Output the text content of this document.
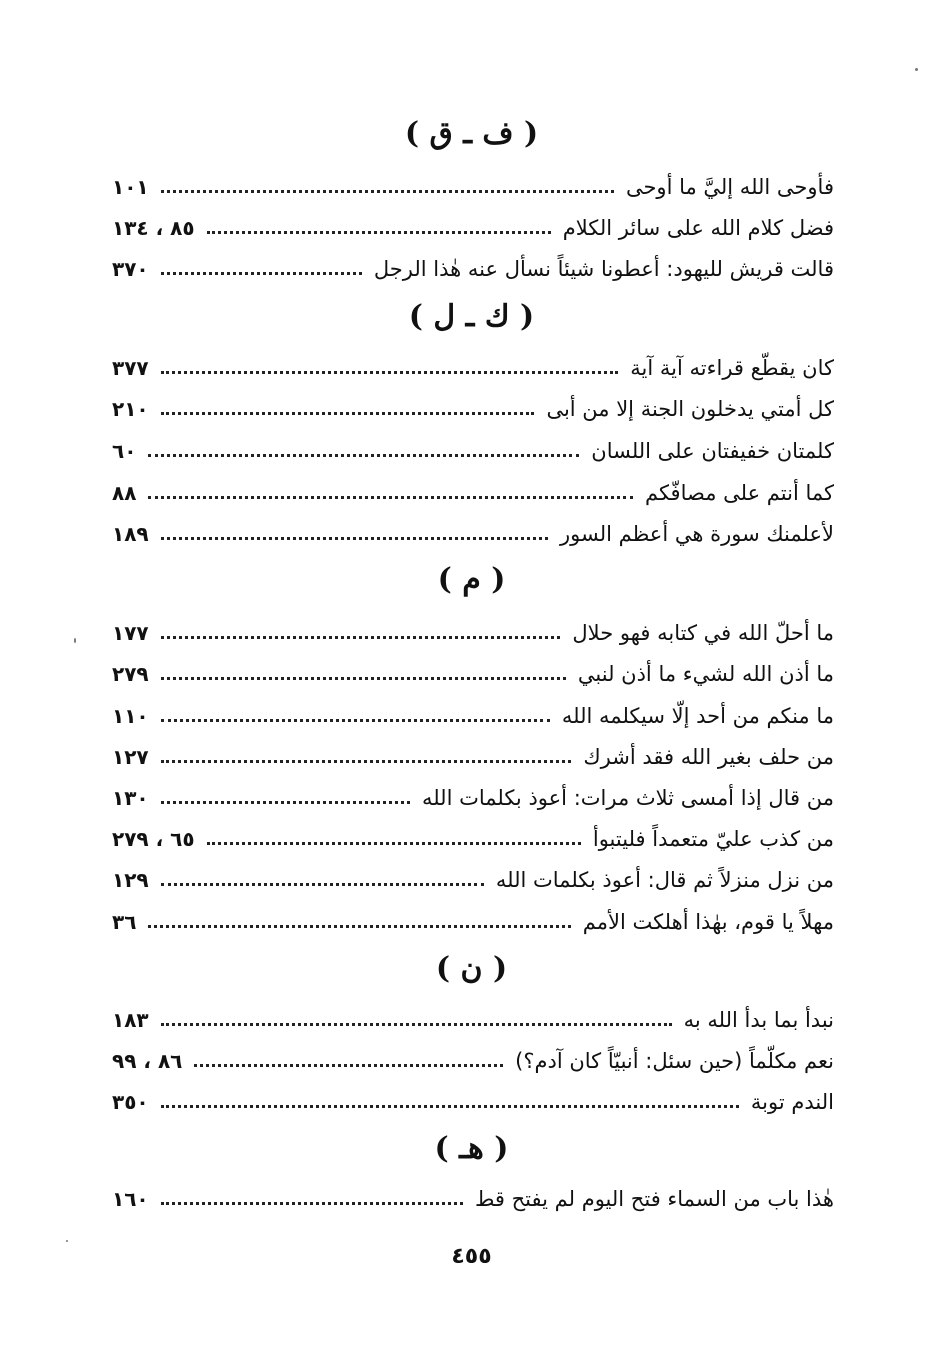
( ف ـ ق )
فأوحى الله إليَّ ما أوحى
١٠١
فضل كلام الله على سائر الكلام
٨٥ ، ١٣٤
قالت قريش لليهود: أعطونا شيئاً نسأل عنه هٰذا الرجل
٣٧٠
( ك ـ ل )
كان يقطّع قراءته آية آية
٣٧٧
كل أمتي يدخلون الجنة إلا من أبى
٢١٠
كلمتان خفيفتان على اللسان
٦٠
كما أنتم على مصافّكم
٨٨
لأعلمنك سورة هي أعظم السور
١٨٩
( م )
ما أحلّ الله في كتابه فهو حلال
١٧٧
ما أذن الله لشيء ما أذن لنبي
٢٧٩
ما منكم من أحد إلّا سيكلمه الله
١١٠
من حلف بغير الله فقد أشرك
١٢٧
من قال إذا أمسى ثلاث مرات: أعوذ بكلمات الله
١٣٠
من كذب عليّ متعمداً فليتبوأ
٦٥ ، ٢٧٩
من نزل منزلاً ثم قال: أعوذ بكلمات الله
١٢٩
مهلاً يا قوم، بهٰذا أهلكت الأمم
٣٦
( ن )
نبدأ بما بدأ الله به
١٨٣
نعم مكلّماً (حين سئل: أنبيّاً كان آدم؟)
٨٦ ، ٩٩
الندم توبة
٣٥٠
( هـ )
هٰذا باب من السماء فتح اليوم لم يفتح قط
١٦٠
٤٥٥
